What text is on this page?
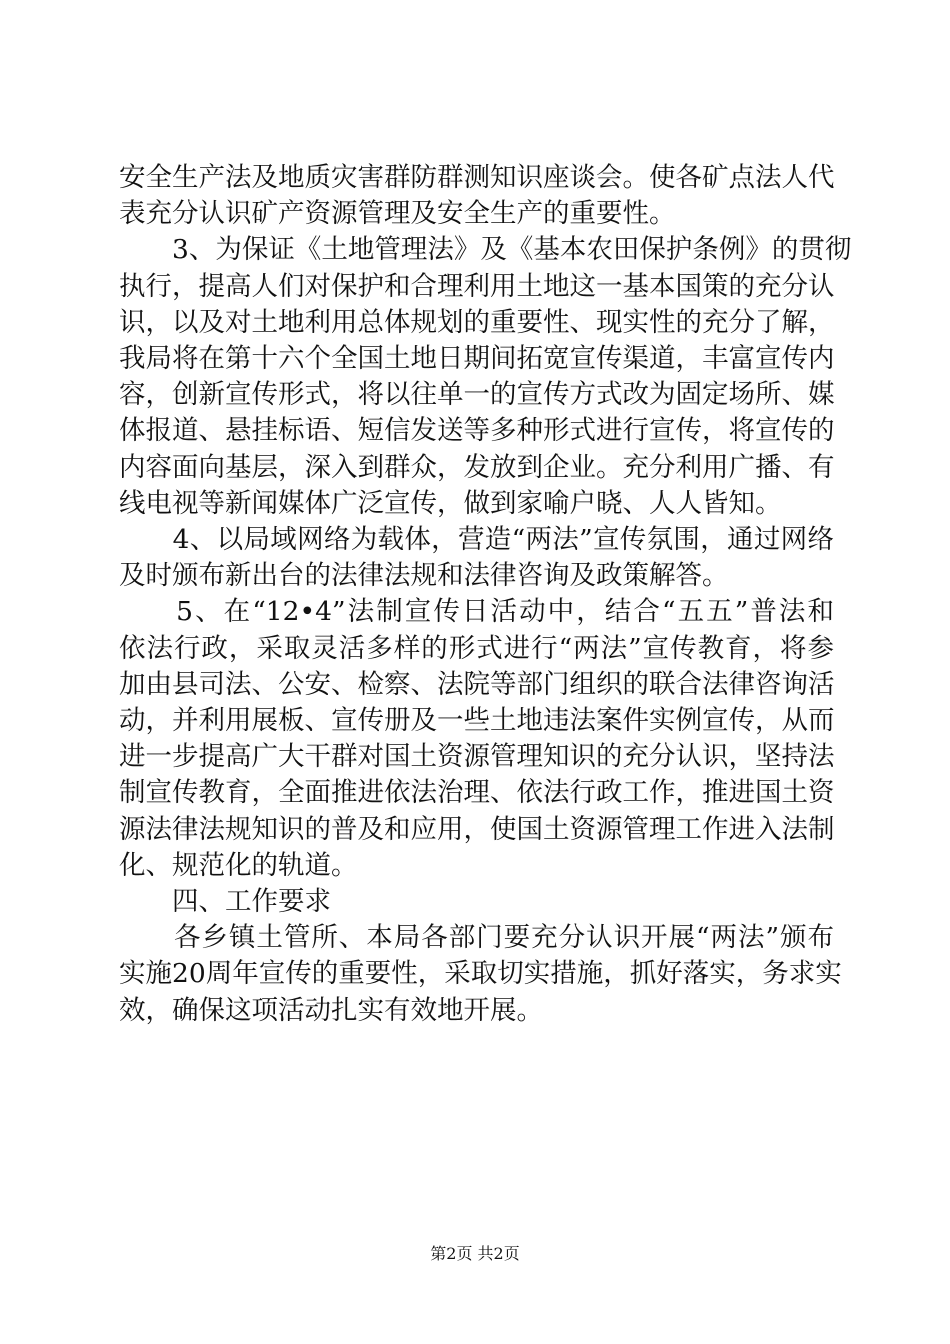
安全生产法及地质灾害群防群测知识座谈会。使各矿点法人代
表充分认识矿产资源管理及安全生产的重要性。
　　3、为保证《土地管理法》及《基本农田保护条例》的贯彻
执行，提高人们对保护和合理利用土地这一基本国策的充分认
识，以及对土地利用总体规划的重要性、现实性的充分了解，
我局将在第十六个全国土地日期间拓宽宣传渠道，丰富宣传内
容，创新宣传形式，将以往单一的宣传方式改为固定场所、媒
体报道、悬挂标语、短信发送等多种形式进行宣传，将宣传的
内容面向基层，深入到群众，发放到企业。充分利用广播、有
线电视等新闻媒体广泛宣传，做到家喻户晓、人人皆知。
　　4、以局域网络为载体，营造“两法”宣传氛围，通过网络
及时颁布新出台的法律法规和法律咨询及政策解答。
　　5、在“12•4”法制宣传日活动中，结合“五五”普法和
依法行政，采取灵活多样的形式进行“两法”宣传教育，将参
加由县司法、公安、检察、法院等部门组织的联合法律咨询活
动，并利用展板、宣传册及一些土地违法案件实例宣传，从而
进一步提高广大干群对国土资源管理知识的充分认识，坚持法
制宣传教育，全面推进依法治理、依法行政工作，推进国土资
源法律法规知识的普及和应用，使国土资源管理工作进入法制
化、规范化的轨道。
　　四、工作要求
　　各乡镇土管所、本局各部门要充分认识开展“两法”颁布
实施20周年宣传的重要性，采取切实措施，抓好落实，务求实
效，确保这项活动扎实有效地开展。
第2页 共2页
